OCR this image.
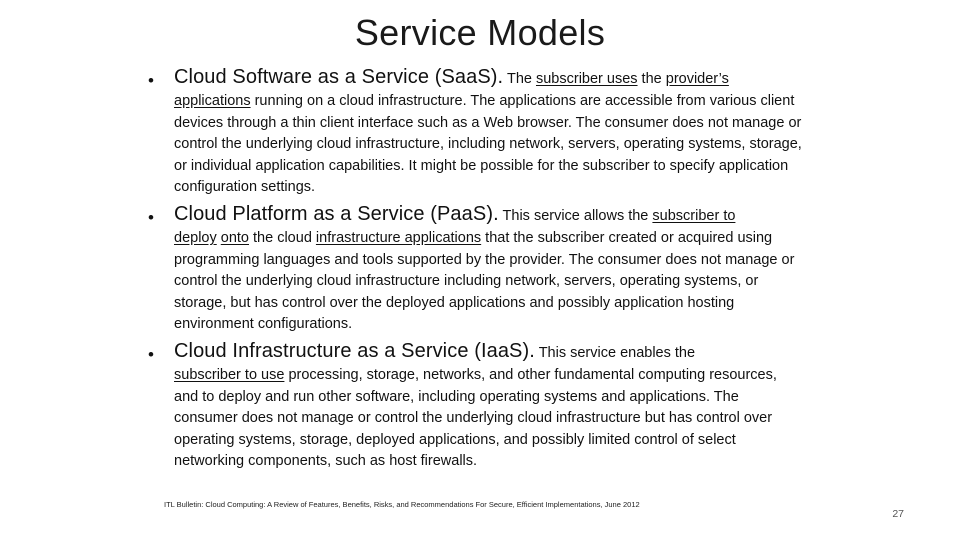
Service Models
• Cloud Software as a Service (SaaS). The subscriber uses the provider’s
applications running on a cloud infrastructure. The applications are accessible from various client devices through a thin client interface such as a Web browser. The consumer does not manage or control the underlying cloud infrastructure, including network, servers, operating systems, storage, or individual application capabilities. It might be possible for the subscriber to specify application configuration settings.
• Cloud Platform as a Service (PaaS). This service allows the subscriber to
deploy onto the cloud infrastructure applications that the subscriber created or acquired using programming languages and tools supported by the provider. The consumer does not manage or control the underlying cloud infrastructure including network, servers, operating systems, or storage, but has control over the deployed applications and possibly application hosting environment configurations.
• Cloud Infrastructure as a Service (IaaS). This service enables the
subscriber to use processing, storage, networks, and other fundamental computing resources, and to deploy and run other software, including operating systems and applications. The consumer does not manage or control the underlying cloud infrastructure but has control over operating systems, storage, deployed applications, and possibly limited control of select networking components, such as host firewalls.
ITL Bulletin: Cloud Computing: A Review of Features, Benefits, Risks, and Recommendations For Secure, Efficient Implementations, June 2012
27
